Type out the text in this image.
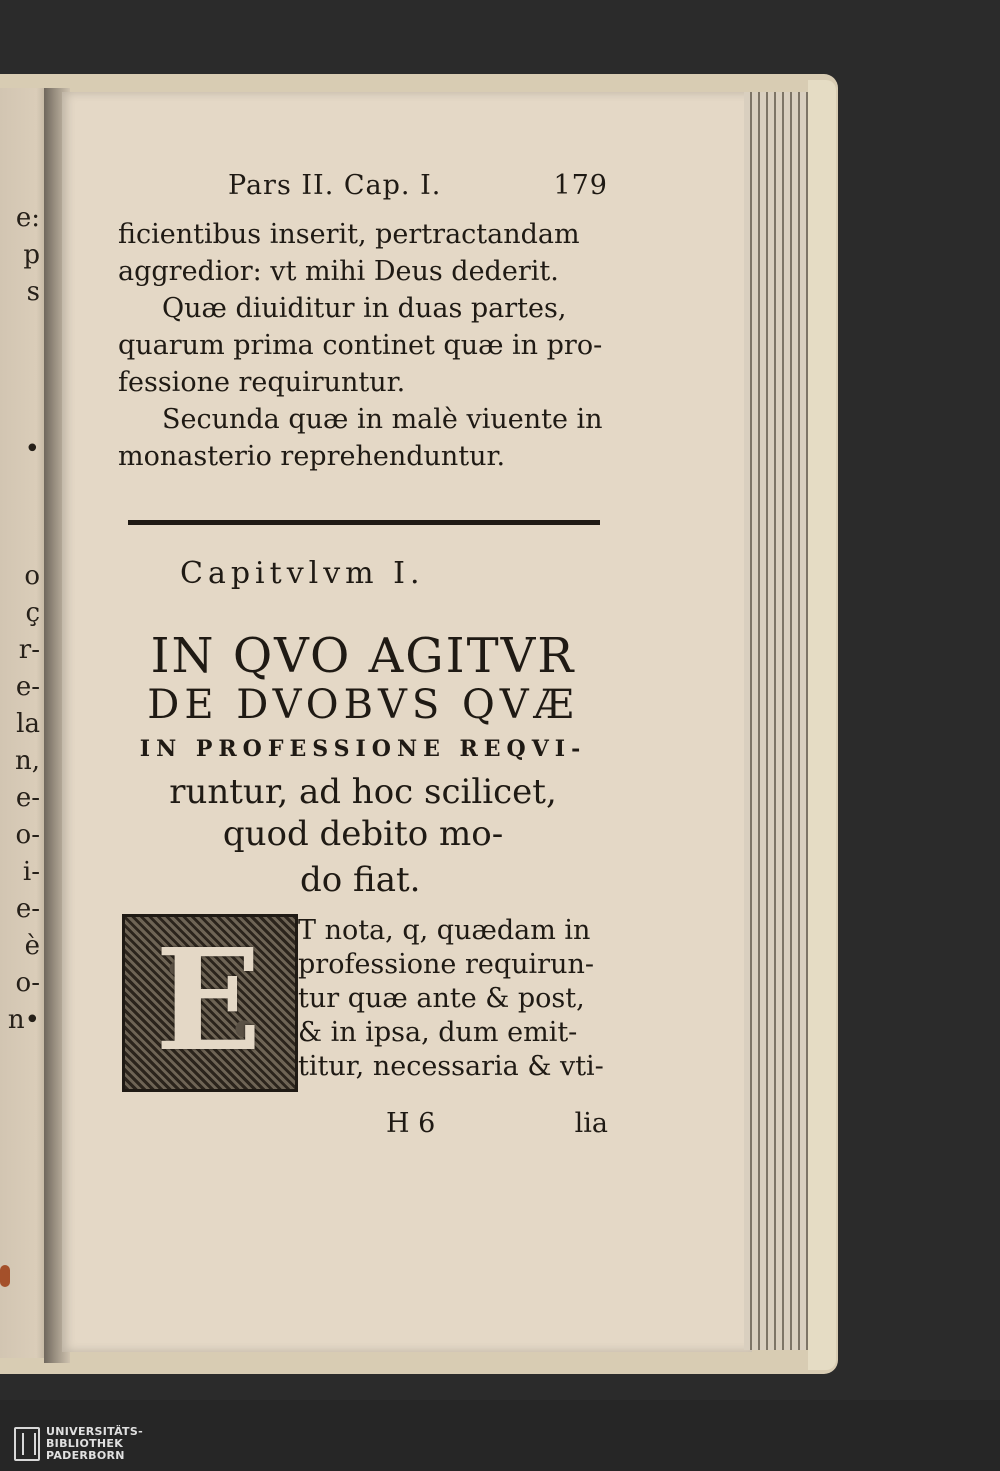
e:
p
s
•
o
ç
r-
e-
la
n,
e-
o-
i-
e-
è
o-
n•
Pars II. Cap. I.	179
ficientibus inserit, pertractandam
aggredior: vt mihi Deus dederit.
Quæ diuiditur in duas partes,
quarum prima continet quæ in pro-
fessione requiruntur.
Secunda quæ in malè viuente in
monasterio reprehenduntur.
Capitvlvm I.
IN QVO AGITVR
DE DVOBVS QVÆ
IN PROFESSIONE REQVI-
runtur, ad hoc scilicet,
quod debito mo-
do fiat.
E T nota, q, quædam in
professione requirun-
tur quæ ante & post,
& in ipsa, dum emit-
titur, necessaria & vti-
H 6	lia
UNIVERSITÄTS-
BIBLIOTHEK
PADERBORN
